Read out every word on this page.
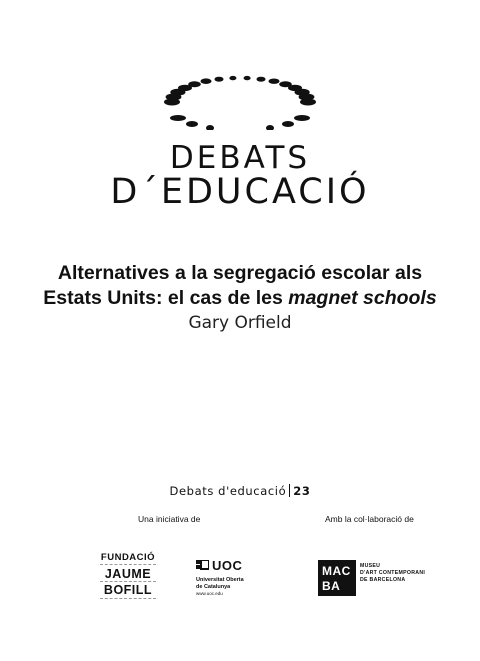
DEBATS
D´EDUCACIÓ
Alternatives a la segregació escolar als
Estats Units: el cas de les magnet schools
Gary Orfield
Debats d'educació 23
Una iniciativa de	Amb la col·laboració de
FUNDACIÓ
JAUME
BOFILL
UOC
Universitat Oberta
de Catalunya
www.uoc.edu
MAC
BA
MUSEU
D'ART CONTEMPORANI
DE BARCELONA
